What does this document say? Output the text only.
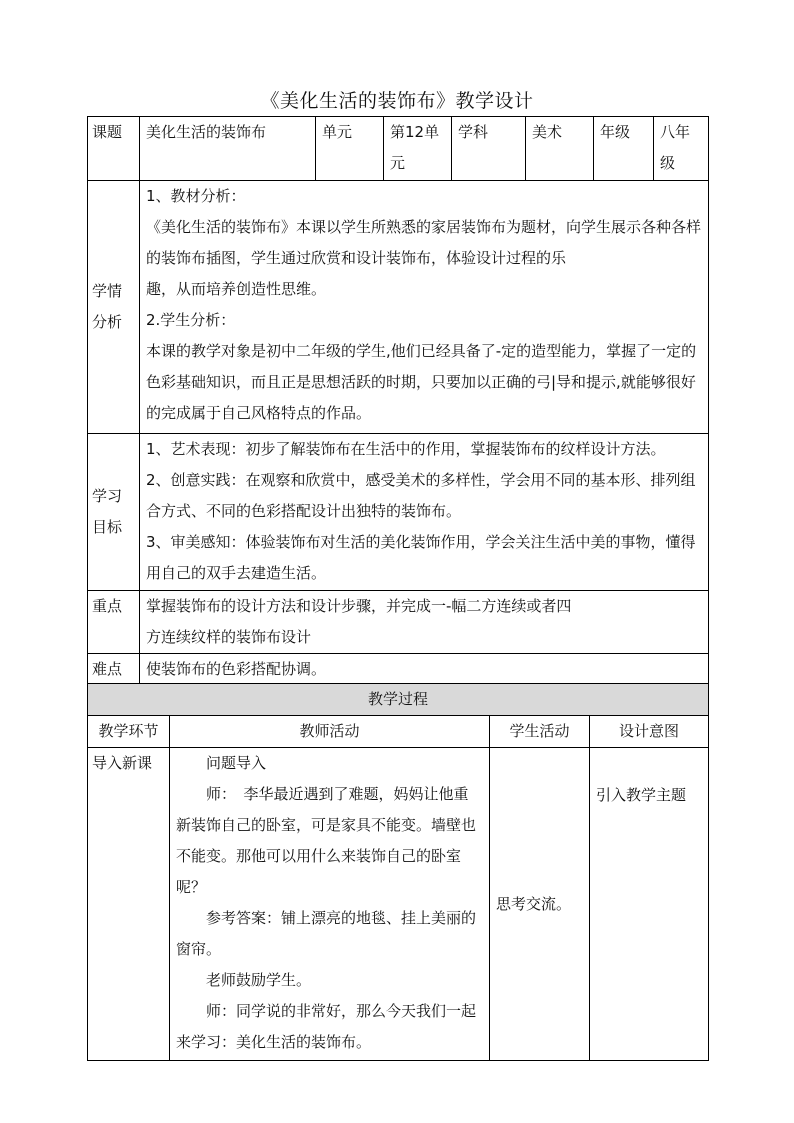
《美化生活的装饰布》教学设计
课题	美化生活的装饰布	单元	第12单元	学科	美术	年级	八年级
学情分析	1、教材分析：

《美化生活的装饰布》本课以学生所熟悉的家居装饰布为题材，向学生展示各种各样的装饰布插图，学生通过欣赏和设计装饰布，体验设计过程的乐

趣，从而培养创造性思维。

2.学生分析：

本课的教学对象是初中二年级的学生,他们已经具备了-定的造型能力，掌握了一定的色彩基础知识，而且正是思想活跃的时期，只要加以正确的弓|导和提示,就能够很好的完成属于自己风格特点的作品。						

学习目标	1、艺术表现：初步了解装饰布在生活中的作用，掌握装饰布的纹样设计方法。

2、创意实践：在观察和欣赏中，感受美术的多样性，学会用不同的基本形、排列组合方式、不同的色彩搭配设计出独特的装饰布。

3、审美感知：体验装饰布对生活的美化装饰作用，学会关注生活中美的事物，懂得用自己的双手去建造生活。						

重点	掌握装饰布的设计方法和设计步骤，并完成一-幅二方连续或者四

方连续纹样的装饰布设计						

难点	使装饰布的色彩搭配协调。						
教学过程			
教学环节	教师活动	学生活动	设计意图
导入新课	问题导入

师：　李华最近遇到了难题，妈妈让他重新装饰自己的卧室，可是家具不能变。墙壁也不能变。那他可以用什么来装饰自己的卧室呢？

参考答案：铺上漂亮的地毯、挂上美丽的窗帘。

老师鼓励学生。

师：同学说的非常好，那么今天我们一起来学习：美化生活的装饰布。	思考交流。	引入教学主题
